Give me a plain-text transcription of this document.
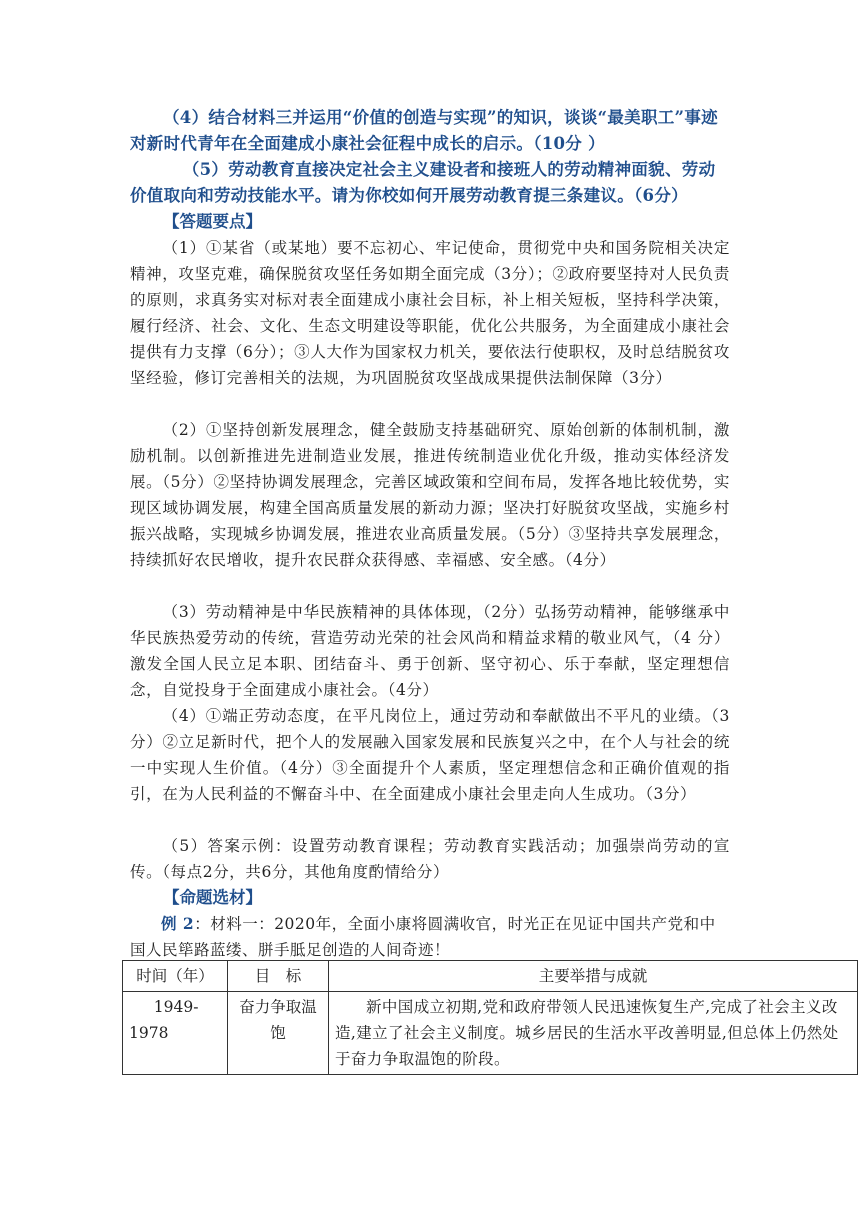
（4）结合材料三并运用“价值的创造与实现”的知识，谈谈“最美职工”事迹对新时代青年在全面建成小康社会征程中成长的启示。（10分 ）

（5）劳动教育直接决定社会主义建设者和接班人的劳动精神面貌、劳动价值取向和劳动技能水平。请为你校如何开展劳动教育提三条建议。（6分）

【答题要点】

（1）①某省（或某地）要不忘初心、牢记使命，贯彻党中央和国务院相关决定精神，攻坚克难，确保脱贫攻坚任务如期全面完成（3分）；②政府要坚持对人民负责的原则，求真务实对标对表全面建成小康社会目标，补上相关短板，坚持科学决策，履行经济、社会、文化、生态文明建设等职能，优化公共服务，为全面建成小康社会提供有力支撑（6分）；③人大作为国家权力机关，要依法行使职权，及时总结脱贫攻坚经验，修订完善相关的法规，为巩固脱贫攻坚战成果提供法制保障（3分）

（2）①坚持创新发展理念，健全鼓励支持基础研究、原始创新的体制机制，激励机制。以创新推进先进制造业发展，推进传统制造业优化升级，推动实体经济发展。（5分）②坚持协调发展理念，完善区域政策和空间布局，发挥各地比较优势，实现区域协调发展，构建全国高质量发展的新动力源；坚决打好脱贫攻坚战，实施乡村振兴战略，实现城乡协调发展，推进农业高质量发展。（5分）③坚持共享发展理念，持续抓好农民增收，提升农民群众获得感、幸福感、安全感。（4分）

（3）劳动精神是中华民族精神的具体体现，（2分）弘扬劳动精神，能够继承中华民族热爱劳动的传统，营造劳动光荣的社会风尚和精益求精的敬业风气，（4 分）激发全国人民立足本职、团结奋斗、勇于创新、坚守初心、乐于奉献，坚定理想信念，自觉投身于全面建成小康社会。（4分）

（4）①端正劳动态度，在平凡岗位上，通过劳动和奉献做出不平凡的业绩。（3分）②立足新时代，把个人的发展融入国家发展和民族复兴之中，在个人与社会的统一中实现人生价值。（4分）③全面提升个人素质，坚定理想信念和正确价值观的指引，在为人民利益的不懈奋斗中、在全面建成小康社会里走向人生成功。（3分）

（5）答案示例：设置劳动教育课程；劳动教育实践活动；加强崇尚劳动的宣传。（每点2分，共6分，其他角度酌情给分）

【命题选材】

例 2：材料一：2020年，全面小康将圆满收官，时光正在见证中国共产党和中国人民筚路蓝缕、胼手胝足创造的人间奇迹！

时间（年）	目　标	主要举措与成就
1949-1978	奋力争取温饱	新中国成立初期,党和政府带领人民迅速恢复生产,完成了社会主义改造,建立了社会主义制度。城乡居民的生活水平改善明显,但总体上仍然处于奋力争取温饱的阶段。
